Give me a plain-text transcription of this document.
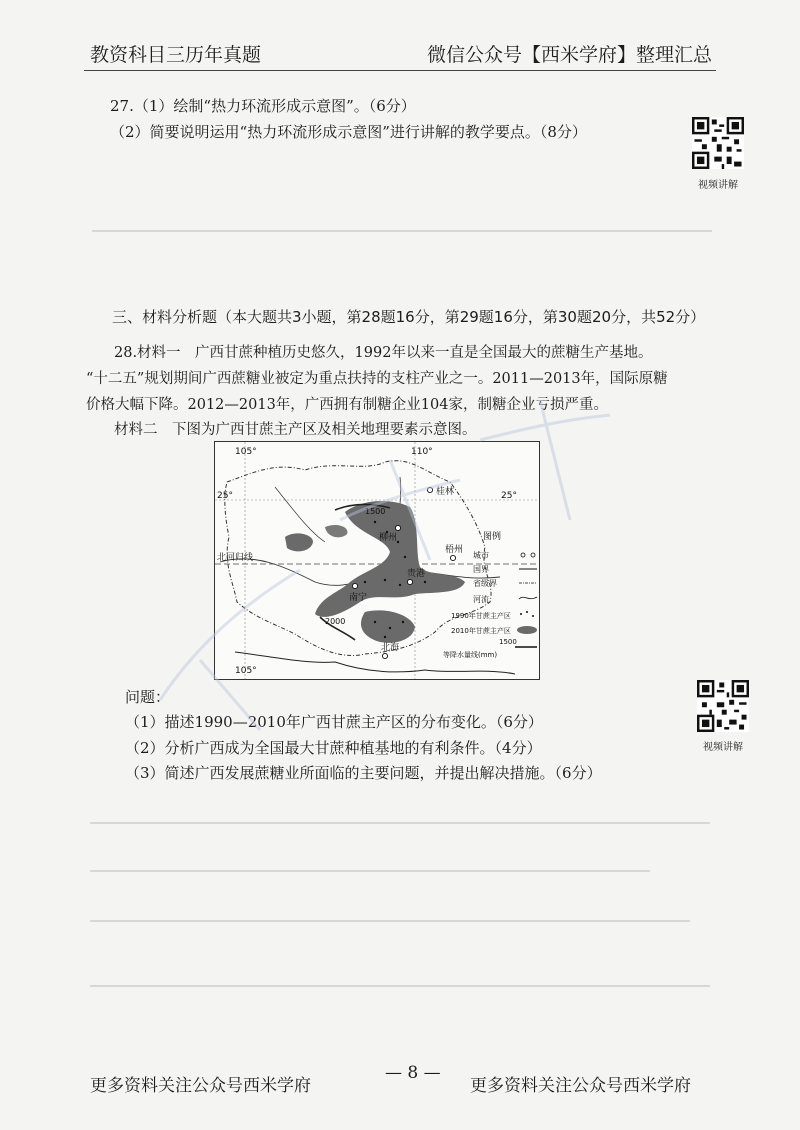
教资科目三历年真题	微信公众号【西米学府】整理汇总
27.（1）绘制“热力环流形成示意图”。（6分）
（2）简要说明运用“热力环流形成示意图”进行讲解的教学要点。（8分）
视频讲解
三、材料分析题（本大题共3小题，第28题16分，第29题16分，第30题20分，共52分）
28.材料一　广西甘蔗种植历史悠久，1992年以来一直是全国最大的蔗糖生产基地。
“十二五”规划期间广西蔗糖业被定为重点扶持的支柱产业之一。2011—2013年，国际原糖
价格大幅下降。2012—2013年，广西拥有制糖企业104家，制糖企业亏损严重。
材料二　下图为广西甘蔗主产区及相关地理要素示意图。
105°	110°
25°	25°
105°
北回归线
1500
2000
桂林
柳州
梧州
南宁
贵港
北海
图例
城市
国界
省级界
河流
1990年甘蔗主产区
2010年甘蔗主产区
1500
等降水量线(mm)
问题：
（1）描述1990—2010年广西甘蔗主产区的分布变化。（6分）
（2）分析广西成为全国最大甘蔗种植基地的有利条件。（4分）
（3）简述广西发展蔗糖业所面临的主要问题，并提出解决措施。（6分）
视频讲解
更多资料关注公众号西米学府
— 8 —
更多资料关注公众号西米学府
